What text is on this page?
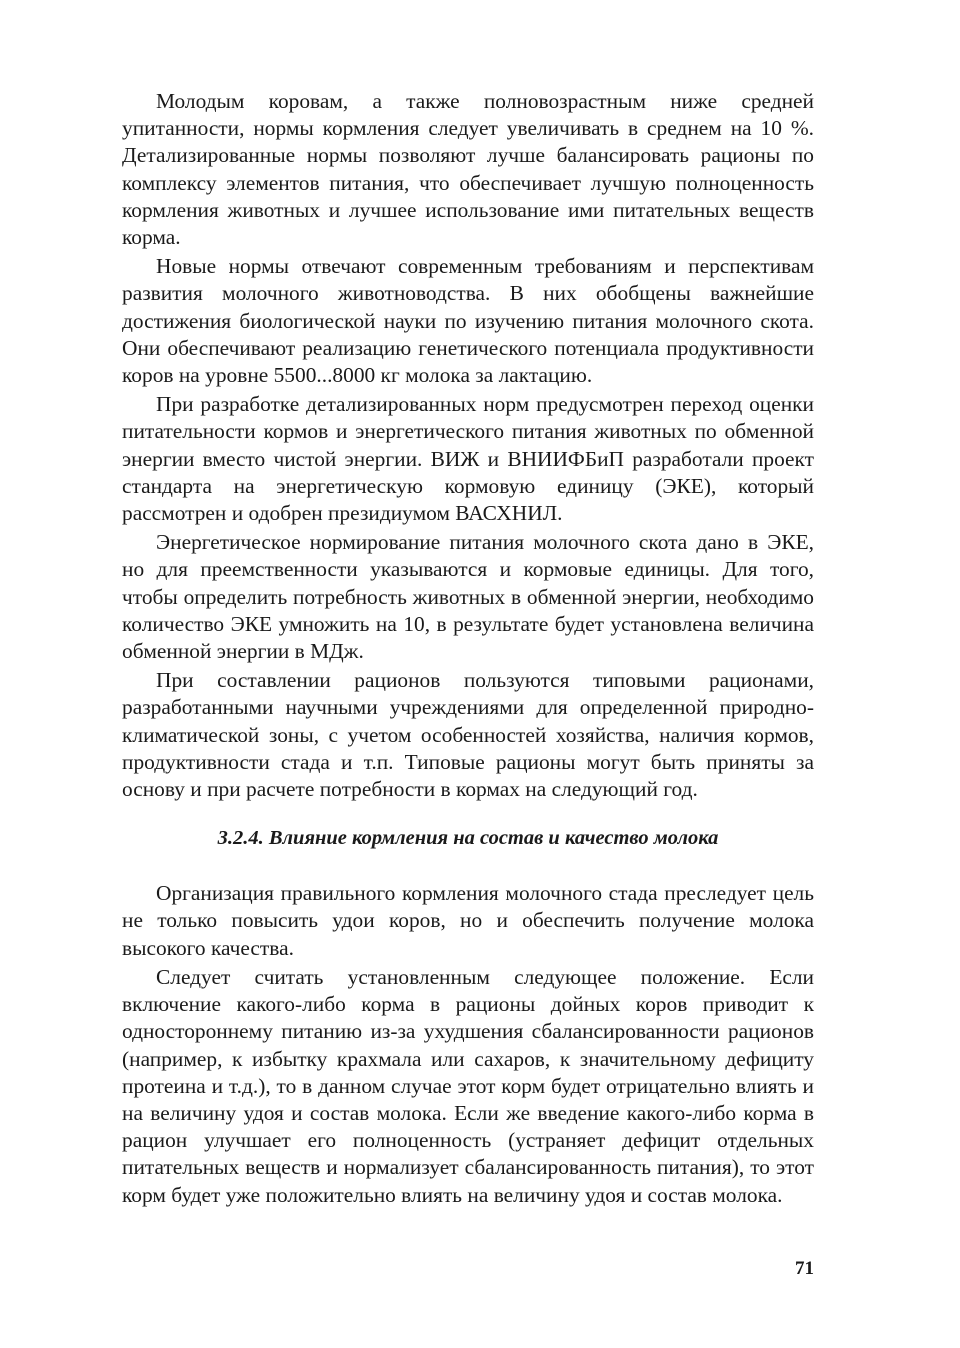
Молодым коровам, а также полновозрастным ниже средней упитанности, нормы кормления следует увеличивать в среднем на 10 %. Детализированные нормы позволяют лучше балансировать рационы по комплексу элементов питания, что обеспечивает лучшую полноценность кормления животных и лучшее использование ими питательных веществ корма.

Новые нормы отвечают современным требованиям и перспективам развития молочного животноводства. В них обобщены важнейшие достижения биологической науки по изучению питания молочного скота. Они обеспечивают реализацию генетического потенциала продуктивности коров на уровне 5500...8000 кг молока за лактацию.

При разработке детализированных норм предусмотрен переход оценки питательности кормов и энергетического питания животных по обменной энергии вместо чистой энергии. ВИЖ и ВНИИФБиП разработали проект стандарта на энергетическую кормовую единицу (ЭКЕ), который рассмотрен и одобрен президиумом ВАСХНИЛ.

Энергетическое нормирование питания молочного скота дано в ЭКЕ, но для преемственности указываются и кормовые единицы. Для того, чтобы определить потребность животных в обменной энергии, необходимо количество ЭКЕ умножить на 10, в результате будет установлена величина обменной энергии в МДж.

При составлении рационов пользуются типовыми рационами, разработанными научными учреждениями для определенной природно-климатической зоны, с учетом особенностей хозяйства, наличия кормов, продуктивности стада и т.п. Типовые рационы могут быть приняты за основу и при расчете потребности в кормах на следующий год.

3.2.4. Влияние кормления на состав и качество молока

Организация правильного кормления молочного стада преследует цель не только повысить удои коров, но и обеспечить получение молока высокого качества.

Следует считать установленным следующее положение. Если включение какого-либо корма в рационы дойных коров приводит к одностороннему питанию из-за ухудшения сбалансированности рационов (например, к избытку крахмала или сахаров, к значительному дефициту протеина и т.д.), то в данном случае этот корм будет отрицательно влиять и на величину удоя и состав молока. Если же введение какого-либо корма в рацион улучшает его полноценность (устраняет дефицит отдельных питательных веществ и нормализует сбалансированность питания), то этот корм будет уже положительно влиять на величину удоя и состав молока.

71
